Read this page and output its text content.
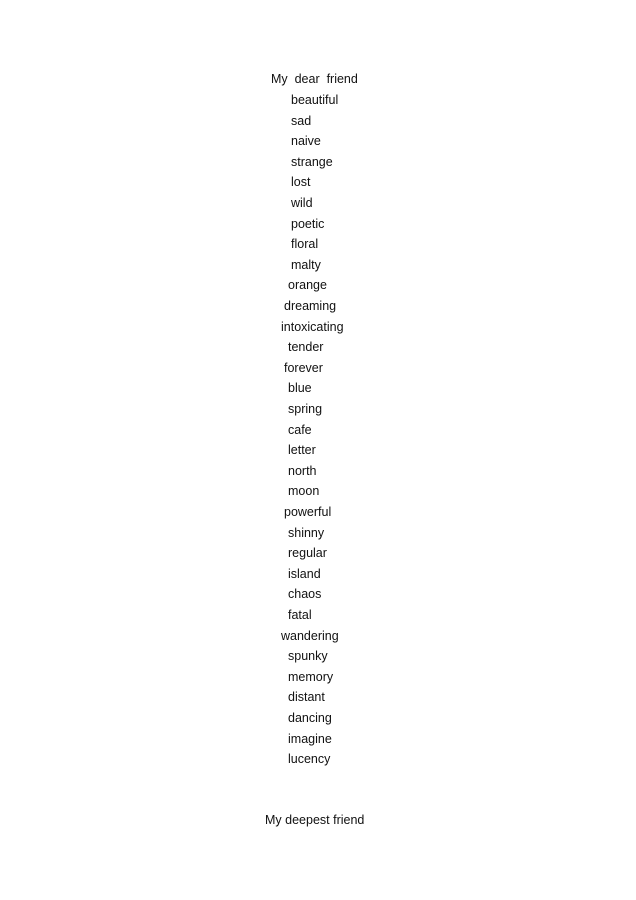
My  dear  friend

beautiful

sad

naive

strange

lost

wild

poetic

floral

malty

orange

dreaming

intoxicating

tender

forever

blue

spring

cafe

letter

north

moon

powerful

shinny

regular

island

chaos

fatal

wandering

spunky

memory

distant

dancing

imagine

lucency

My deepest friend
